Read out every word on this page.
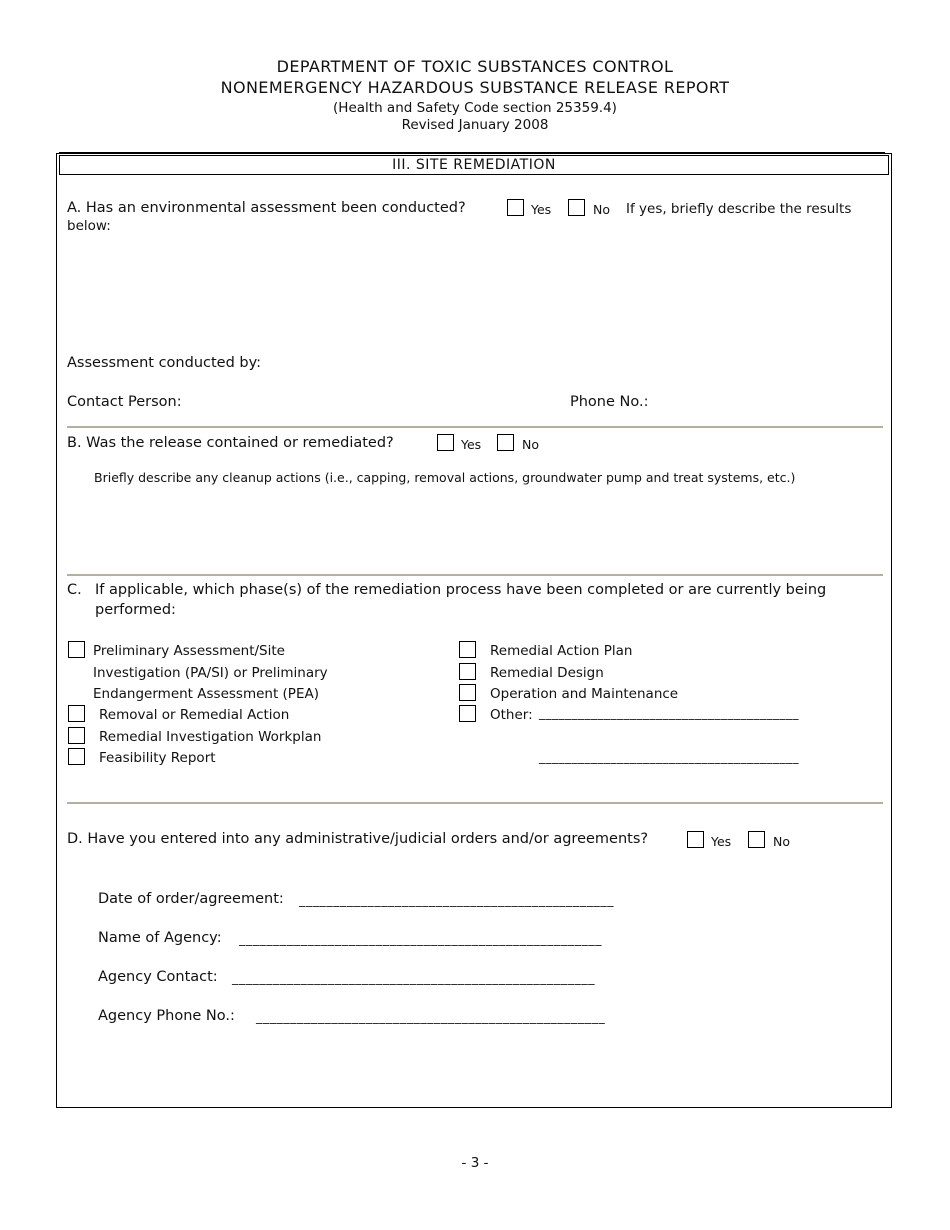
DEPARTMENT OF TOXIC SUBSTANCES CONTROL
NONEMERGENCY HAZARDOUS SUBSTANCE RELEASE REPORT
(Health and Safety Code section 25359.4)
Revised January 2008
III. SITE REMEDIATION
A. Has an environmental assessment been conducted?	Yes	No If yes, briefly describe the results
below:
Assessment conducted by:
Contact Person:	Phone No.:
B. Was the release contained or remediated?	Yes	No
Briefly describe any cleanup actions (i.e., capping, removal actions, groundwater pump and treat systems, etc.)
C. If applicable, which phase(s) of the remediation process have been completed or are currently being
performed:
Preliminary Assessment/Site
Investigation (PA/SI) or Preliminary
Endangerment Assessment (PEA)
Removal or Remedial Action
Remedial Investigation Workplan
Feasibility Report
Remedial Action Plan
Remedial Design
Operation and Maintenance
Other: ________________________________________
________________________________________
D. Have you entered into any administrative/judicial orders and/or agreements?	Yes	No
Date of order/agreement: ______________________________________________
Name of Agency: _____________________________________________________
Agency Contact: _____________________________________________________
Agency Phone No.: ___________________________________________________
- 3 -
